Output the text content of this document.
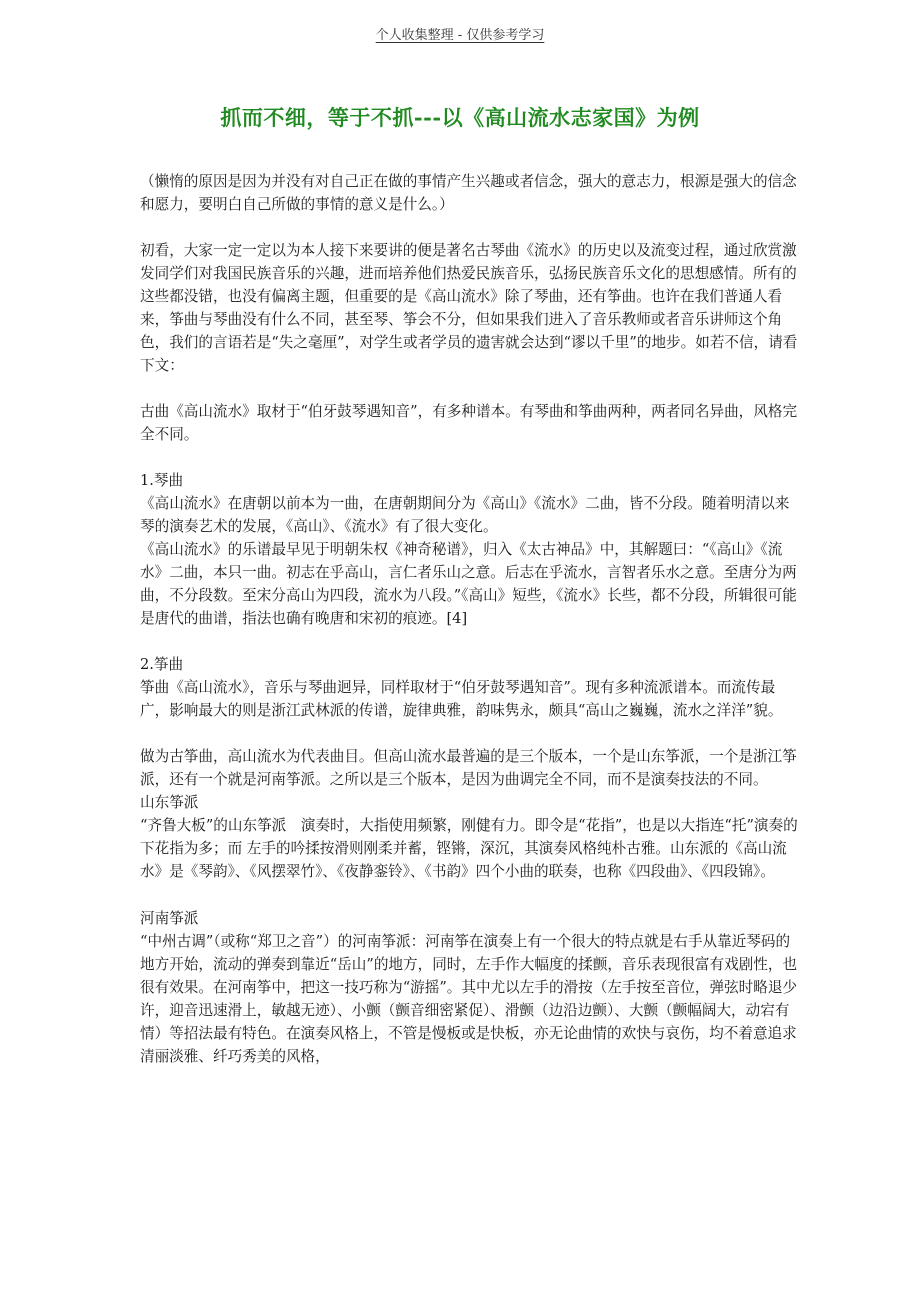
个人收集整理 - 仅供参考学习
抓而不细，等于不抓---以《高山流水志家国》为例

（懒惰的原因是因为并没有对自己正在做的事情产生兴趣或者信念，强大的意志力，根源是强大的信念和愿力，要明白自己所做的事情的意义是什么。）

初看，大家一定一定以为本人接下来要讲的便是著名古琴曲《流水》的历史以及流变过程，通过欣赏激发同学们对我国民族音乐的兴趣，进而培养他们热爱民族音乐，弘扬民族音乐文化的思想感情。所有的这些都没错，也没有偏离主题，但重要的是《高山流水》除了琴曲，还有筝曲。也许在我们普通人看来，筝曲与琴曲没有什么不同，甚至琴、筝会不分，但如果我们进入了音乐教师或者音乐讲师这个角色，我们的言语若是“失之毫厘”，对学生或者学员的遗害就会达到“谬以千里”的地步。如若不信，请看下文：

古曲《高山流水》取材于“伯牙鼓琴遇知音”，有多种谱本。有琴曲和筝曲两种，两者同名异曲，风格完全不同。

1.琴曲

《高山流水》在唐朝以前本为一曲，在唐朝期间分为《高山》《流水》二曲，皆不分段。随着明清以来琴的演奏艺术的发展，《高山》、《流水》有了很大变化。

《高山流水》的乐谱最早见于明朝朱权《神奇秘谱》，归入《太古神品》中，其解题曰：“《高山》《流水》二曲，本只一曲。初志在乎高山，言仁者乐山之意。后志在乎流水，言智者乐水之意。至唐分为两曲，不分段数。至宋分高山为四段，流水为八段。”《高山》短些，《流水》长些，都不分段，所辑很可能是唐代的曲谱，指法也确有晚唐和宋初的痕迹。[4]

2.筝曲

筝曲《高山流水》，音乐与琴曲迥异，同样取材于“伯牙鼓琴遇知音”。现有多种流派谱本。而流传最广，影响最大的则是浙江武林派的传谱，旋律典雅，韵味隽永，颇具“高山之巍巍，流水之洋洋”貌。

做为古筝曲，高山流水为代表曲目。但高山流水最普遍的是三个版本，一个是山东筝派，一个是浙江筝派，还有一个就是河南筝派。之所以是三个版本，是因为曲调完全不同，而不是演奏技法的不同。

山东筝派

“齐鲁大板”的山东筝派　演奏时，大指使用频繁，刚健有力。即令是“花指”，也是以大指连“托”演奏的下花指为多；而 左手的吟揉按滑则刚柔并蓄，铿锵，深沉，其演奏风格纯朴古雅。山东派的《高山流水》是《琴韵》、《风摆翠竹》、《夜静銮铃》、《书韵》四个小曲的联奏，也称《四段曲》、《四段锦》。

河南筝派

“中州古调”（或称“郑卫之音”）的河南筝派：河南筝在演奏上有一个很大的特点就是右手从靠近琴码的地方开始，流动的弹奏到靠近“岳山”的地方，同时，左手作大幅度的揉颤，音乐表现很富有戏剧性，也很有效果。在河南筝中，把这一技巧称为“游摇”。其中尤以左手的滑按（左手按至音位，弹弦时略退少许，迎音迅速滑上，敏越无迹）、小颤（颤音细密紧促）、滑颤（边沿边颤）、大颤（颤幅阔大，动宕有情）等招法最有特色。在演奏风格上，不管是慢板或是快板，亦无论曲情的欢快与哀伤，均不着意追求清丽淡雅、纤巧秀美的风格，
